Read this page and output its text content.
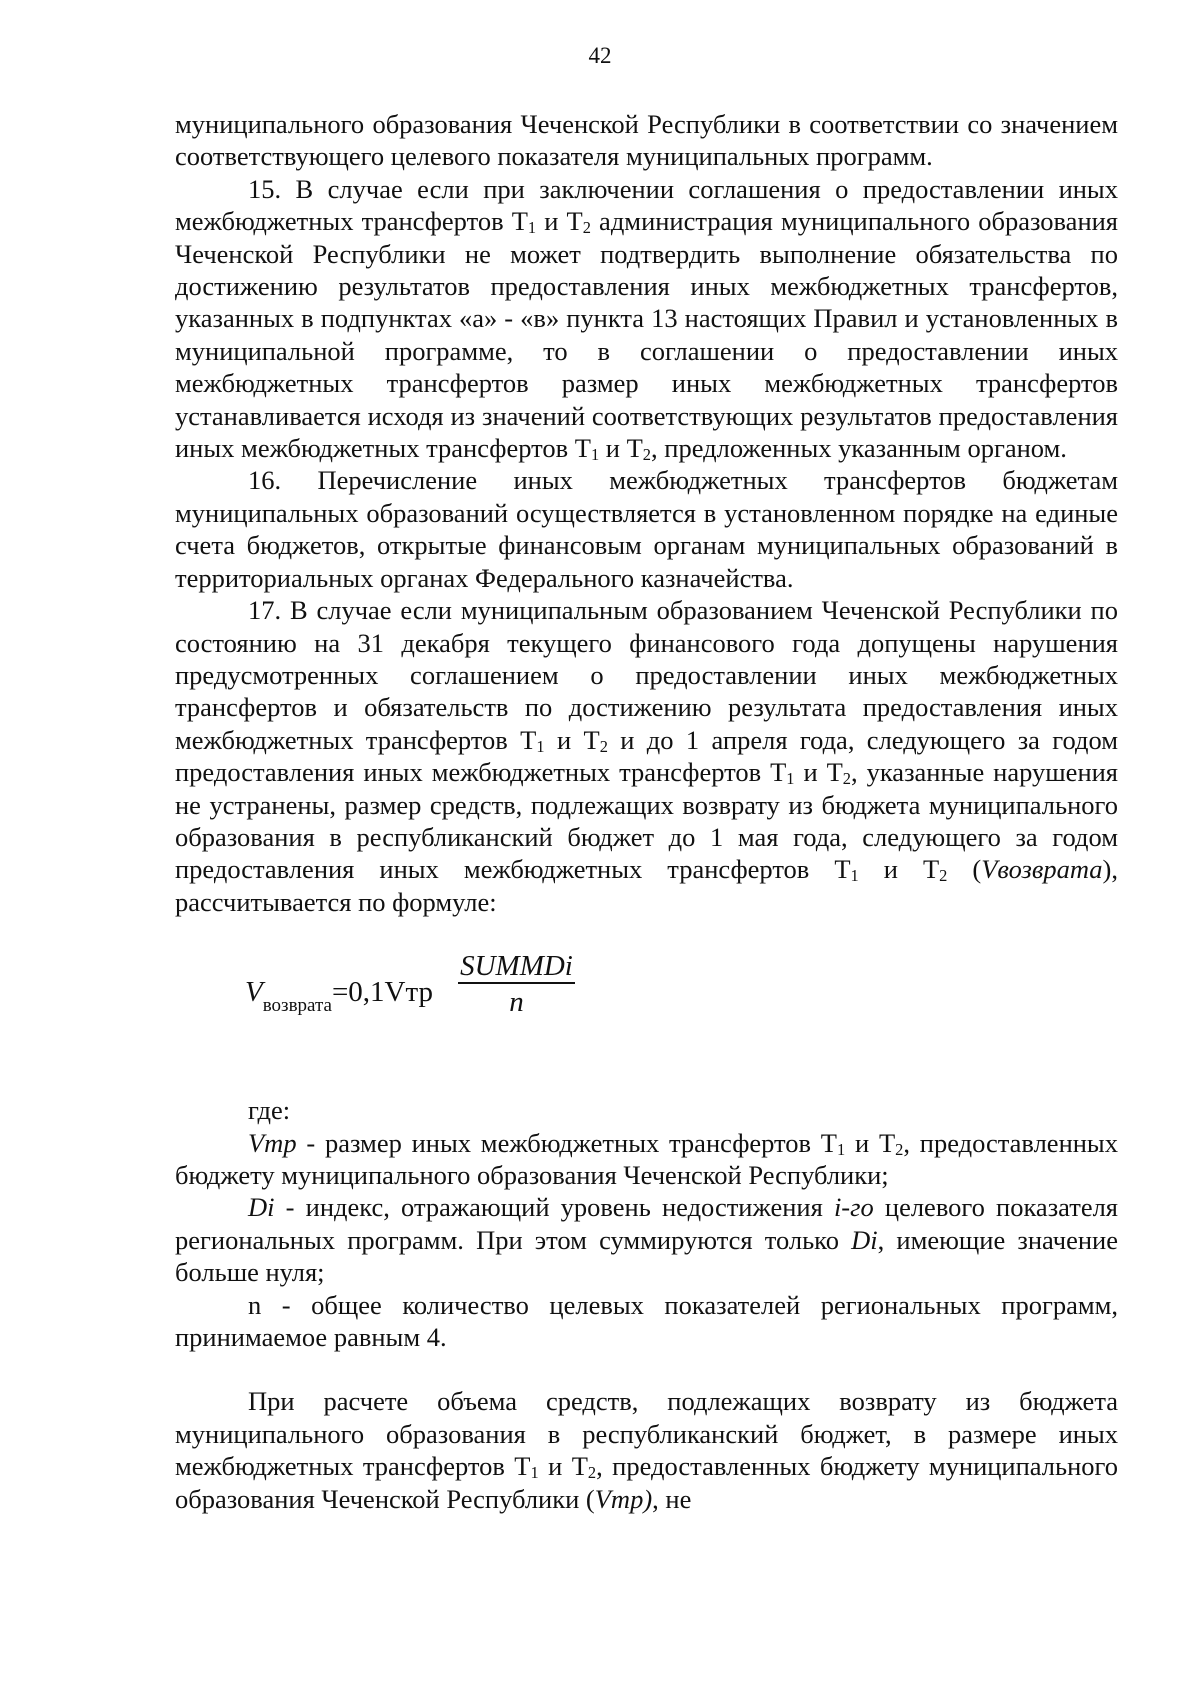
42

муниципального образования Чеченской Республики в соответствии со значением соответствующего целевого показателя муниципальных программ.

15. В случае если при заключении соглашения о предоставлении иных межбюджетных трансфертов $Т_1$ и $Т_2$ администрация муниципального образования Чеченской Республики не может подтвердить выполнение обязательства по достижению результатов предоставления иных межбюджетных трансфертов, указанных в подпунктах «а» - «в» пункта 13 настоящих Правил и установленных в муниципальной программе, то в соглашении о предоставлении иных межбюджетных трансфертов размер иных межбюджетных трансфертов устанавливается исходя из значений соответствующих результатов предоставления иных межбюджетных трансфертов $Т_1$ и $Т_2$, предложенных указанным органом.

16. Перечисление иных межбюджетных трансфертов бюджетам муниципальных образований осуществляется в установленном порядке на единые счета бюджетов, открытые финансовым органам муниципальных образований в территориальных органах Федерального казначейства.

17. В случае если муниципальным образованием Чеченской Республики по состоянию на 31 декабря текущего финансового года допущены нарушения предусмотренных соглашением о предоставлении иных межбюджетных трансфертов и обязательств по достижению результата предоставления иных межбюджетных трансфертов $Т_1$ и $Т_2$ и до 1 апреля года, следующего за годом предоставления иных межбюджетных трансфертов $Т_1$ и $Т_2$, указанные нарушения не устранены, размер средств, подлежащих возврату из бюджета муниципального образования в республиканский бюджет до 1 мая года, следующего за годом предоставления иных межбюджетных трансфертов $Т_1$ и $Т_2$ (Vвозврата), рассчитывается по формуле:

$V_{возврата}=0,1Vтр$
SUMMDi
n

где:

Vтр - размер иных межбюджетных трансфертов $Т_1$ и $Т_2$, предоставленных бюджету муниципального образования Чеченской Республики;

Di - индекс, отражающий уровень недостижения i-го целевого показателя региональных программ. При этом суммируются только Di, имеющие значение больше нуля;

n - общее количество целевых показателей региональных программ, принимаемое равным 4.

При расчете объема средств, подлежащих возврату из бюджета муниципального образования в республиканский бюджет, в размере иных межбюджетных трансфертов $Т_1$ и $Т_2$, предоставленных бюджету муниципального образования Чеченской Республики (Vтр), не
